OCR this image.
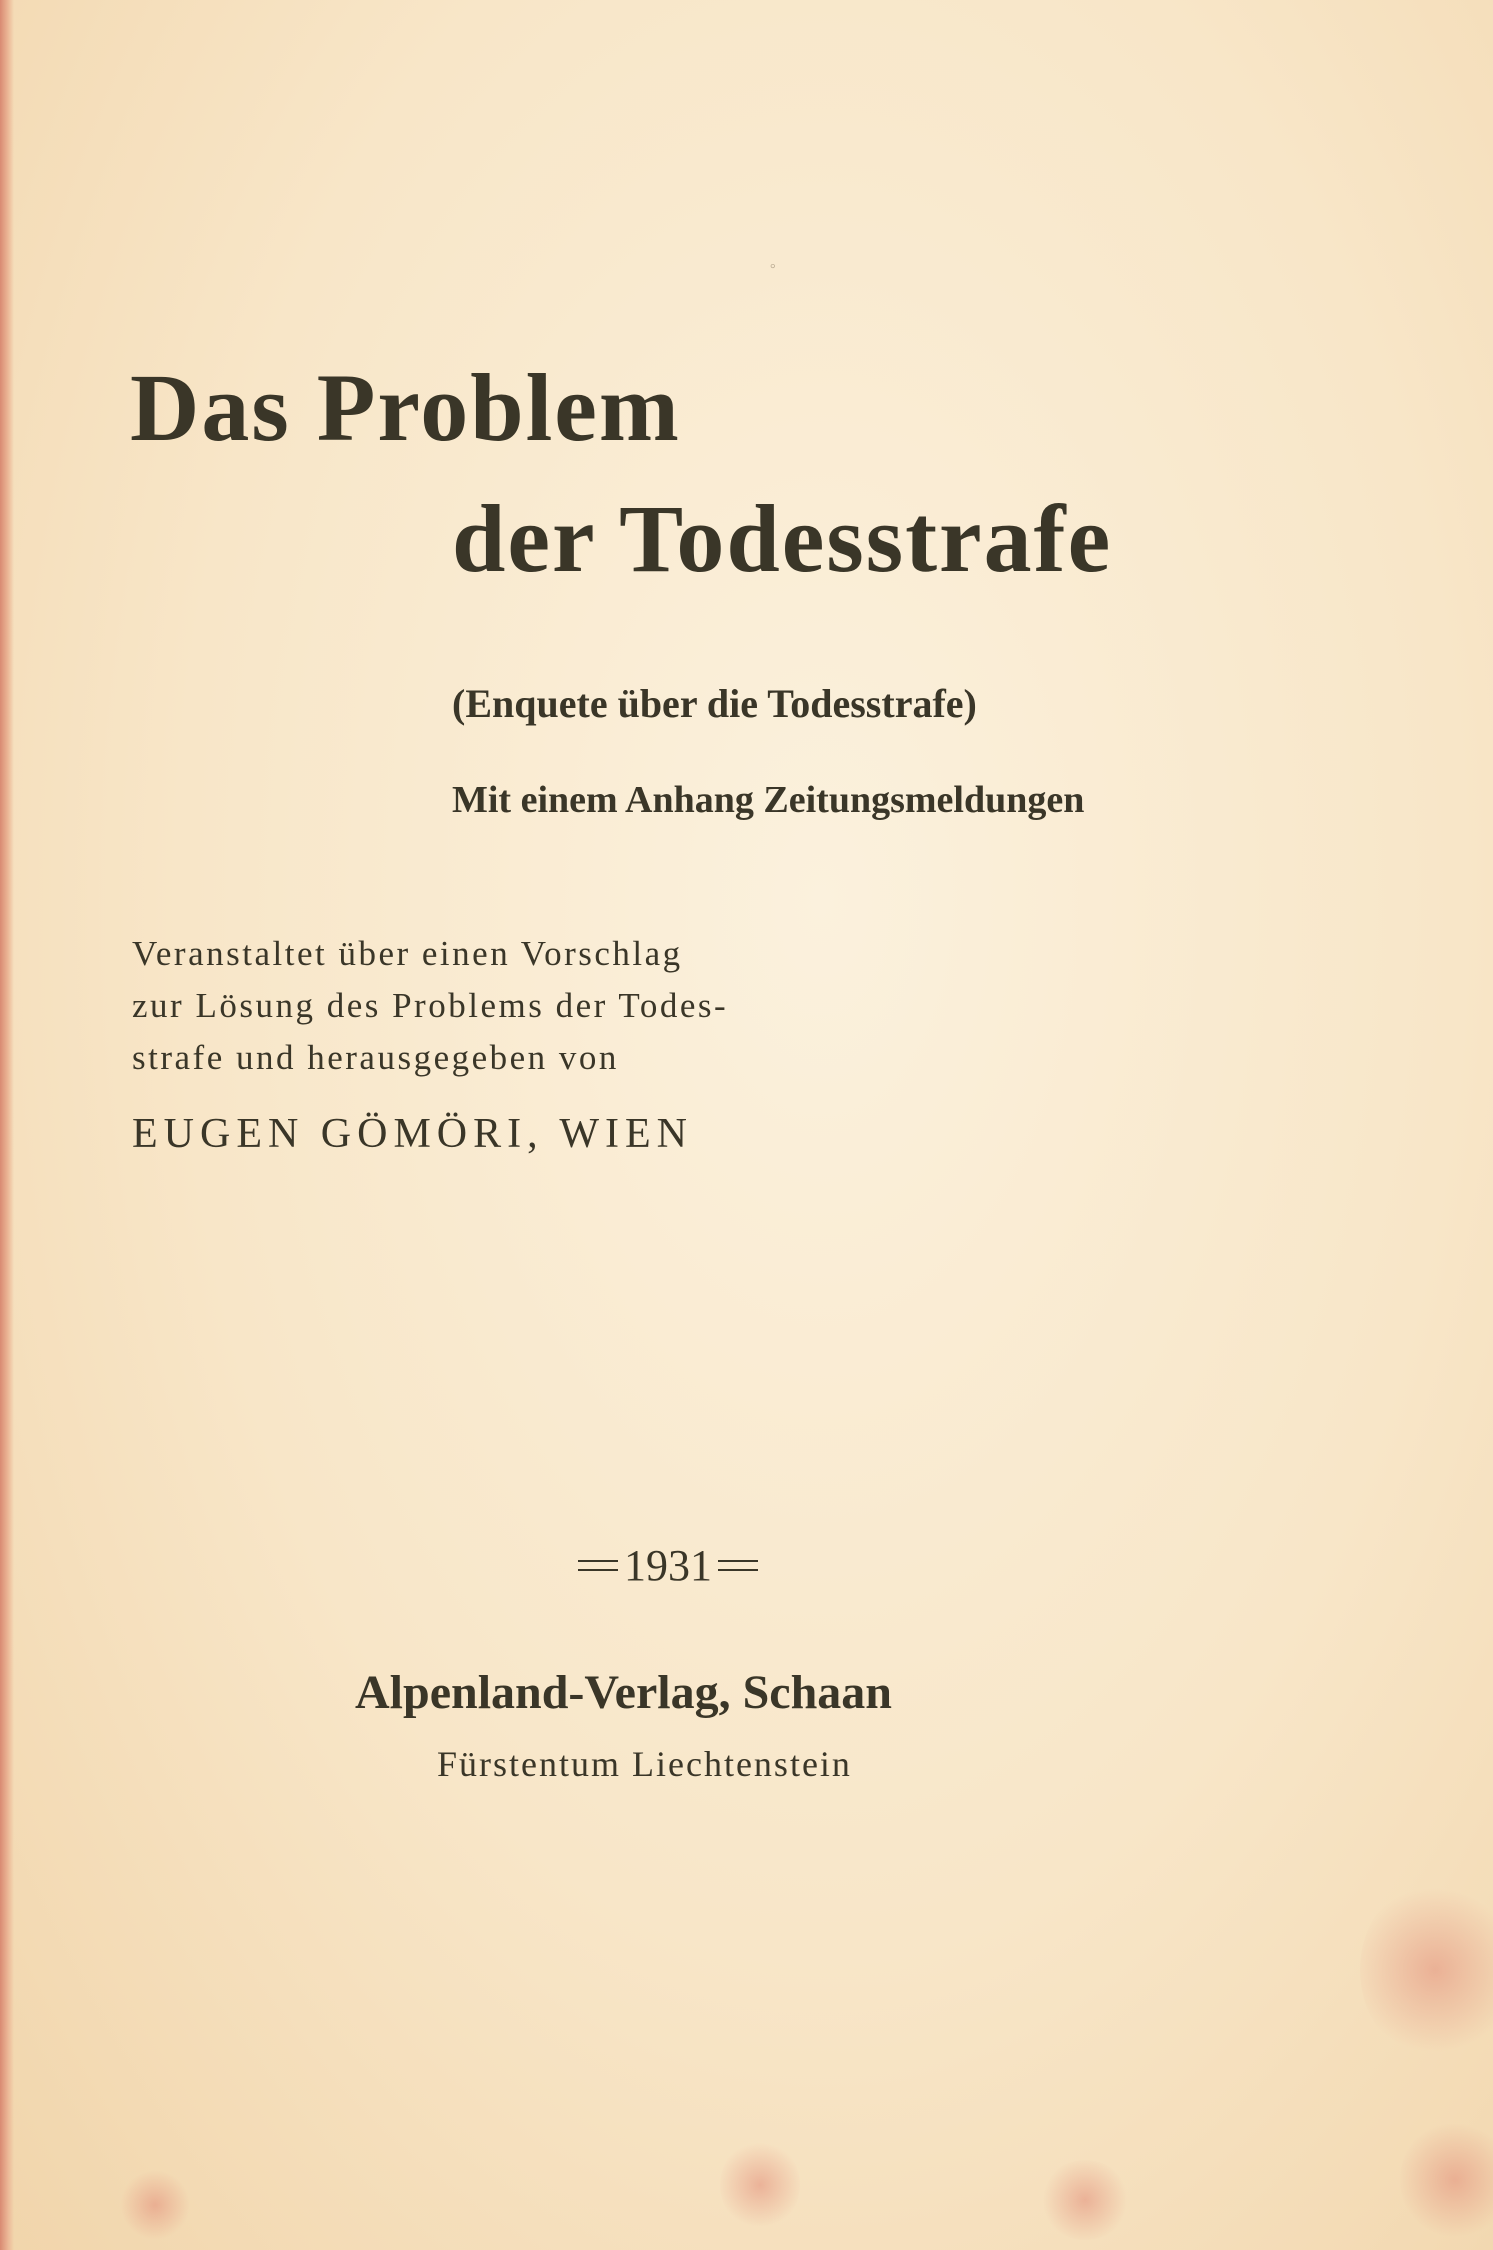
°
Das Problem
der Todesstrafe
(Enquete über die Todesstrafe)
Mit einem Anhang Zeitungsmeldungen
Veranstaltet über einen Vorschlag
zur Lösung des Problems der Todes-
strafe und herausgegeben von
EUGEN GÖMÖRI, WIEN
1931
Alpenland-Verlag, Schaan
Fürstentum Liechtenstein
